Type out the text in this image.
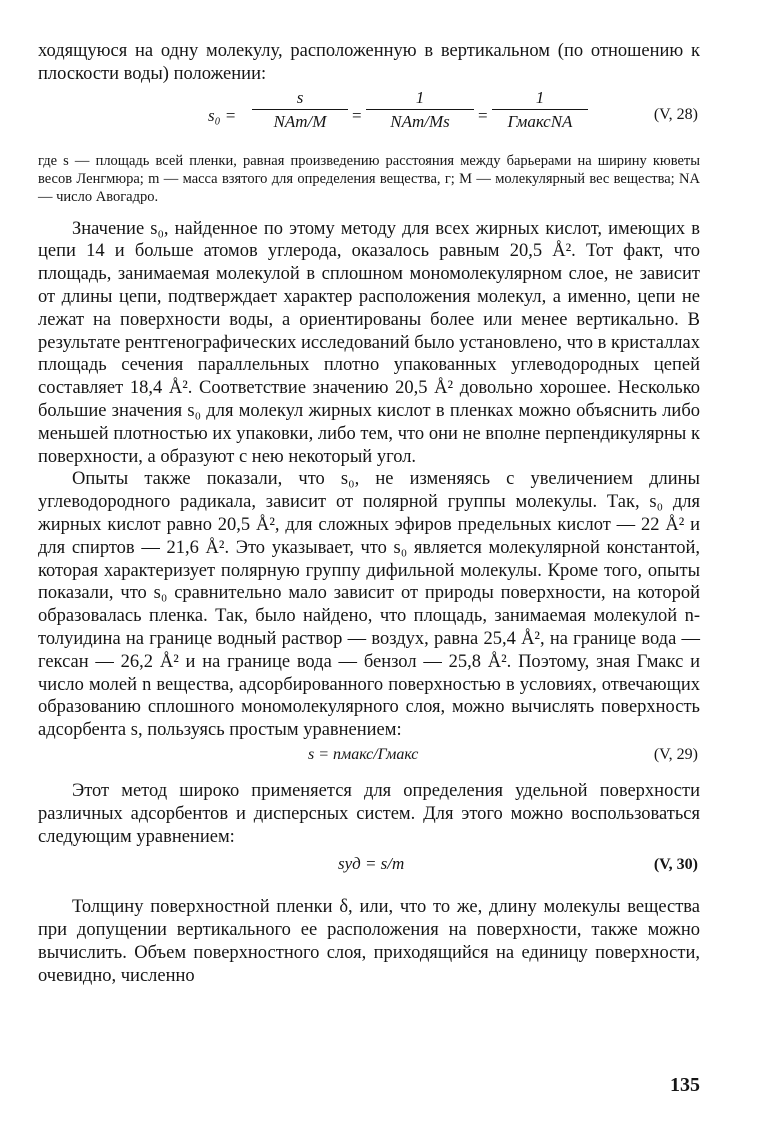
ходящуюся на одну молекулу, расположенную в вертикальном (по отношению к плоскости воды) положении:

s₀ =
s
NAm/M	=
1
NAm/Ms	=
1
ГмаксNA	(V, 28)

где s — площадь всей пленки, равная произведению расстояния между барьерами на ширину кюветы весов Ленгмюра; m — масса взятого для определения вещества, г; M — молекулярный вес вещества; NA — число Авогадро.

Значение s₀, найденное по этому методу для всех жирных кислот, имеющих в цепи 14 и больше атомов углерода, оказалось равным 20,5 Å². Тот факт, что площадь, занимаемая молекулой в сплошном мономолекулярном слое, не зависит от длины цепи, подтверждает характер расположения молекул, а именно, цепи не лежат на поверхности воды, а ориентированы более или менее вертикально. В результате рентгенографических исследований было установлено, что в кристаллах площадь сечения параллельных плотно упакованных углеводородных цепей составляет 18,4 Å². Соответствие значению 20,5 Å² довольно хорошее. Несколько большие значения s₀ для молекул жирных кислот в пленках можно объяснить либо меньшей плотностью их упаковки, либо тем, что они не вполне перпендикулярны к поверхности, а образуют с нею некоторый угол.

Опыты также показали, что s₀, не изменяясь с увеличением длины углеводородного радикала, зависит от полярной группы молекулы. Так, s₀ для жирных кислот равно 20,5 Å², для сложных эфиров предельных кислот — 22 Å² и для спиртов — 21,6 Å². Это указывает, что s₀ является молекулярной константой, которая характеризует полярную группу дифильной молекулы. Кроме того, опыты показали, что s₀ сравнительно мало зависит от природы поверхности, на которой образовалась пленка. Так, было найдено, что площадь, занимаемая молекулой n-толуидина на границе водный раствор — воздух, равна 25,4 Å², на границе вода — гексан — 26,2 Å² и на границе вода — бензол — 25,8 Å². Поэтому, зная Гмакс и число молей n вещества, адсорбированного поверхностью в условиях, отвечающих образованию сплошного мономолекулярного слоя, можно вычислять поверхность адсорбента s, пользуясь простым уравнением:

s = nмакс/Гмакс	(V, 29)

Этот метод широко применяется для определения удельной поверхности различных адсорбентов и дисперсных систем. Для этого можно воспользоваться следующим уравнением:

sуд = s/m	(V, 30)

Толщину поверхностной пленки δ, или, что то же, длину молекулы вещества при допущении вертикального ее расположения на поверхности, также можно вычислить. Объем поверхностного слоя, приходящийся на единицу поверхности, очевидно, численно

135
